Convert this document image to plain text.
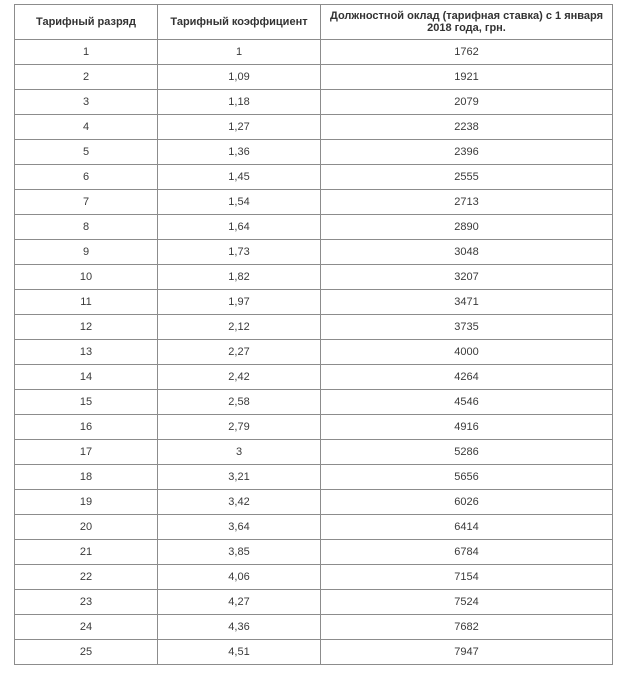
Тарифный разряд	Тарифный коэффициент	Должностной оклад (тарифная ставка) с 1 января 2018 года, грн.
1	1	1762
2	1,09	1921
3	1,18	2079
4	1,27	2238
5	1,36	2396
6	1,45	2555
7	1,54	2713
8	1,64	2890
9	1,73	3048
10	1,82	3207
11	1,97	3471
12	2,12	3735
13	2,27	4000
14	2,42	4264
15	2,58	4546
16	2,79	4916
17	3	5286
18	3,21	5656
19	3,42	6026
20	3,64	6414
21	3,85	6784
22	4,06	7154
23	4,27	7524
24	4,36	7682
25	4,51	7947
